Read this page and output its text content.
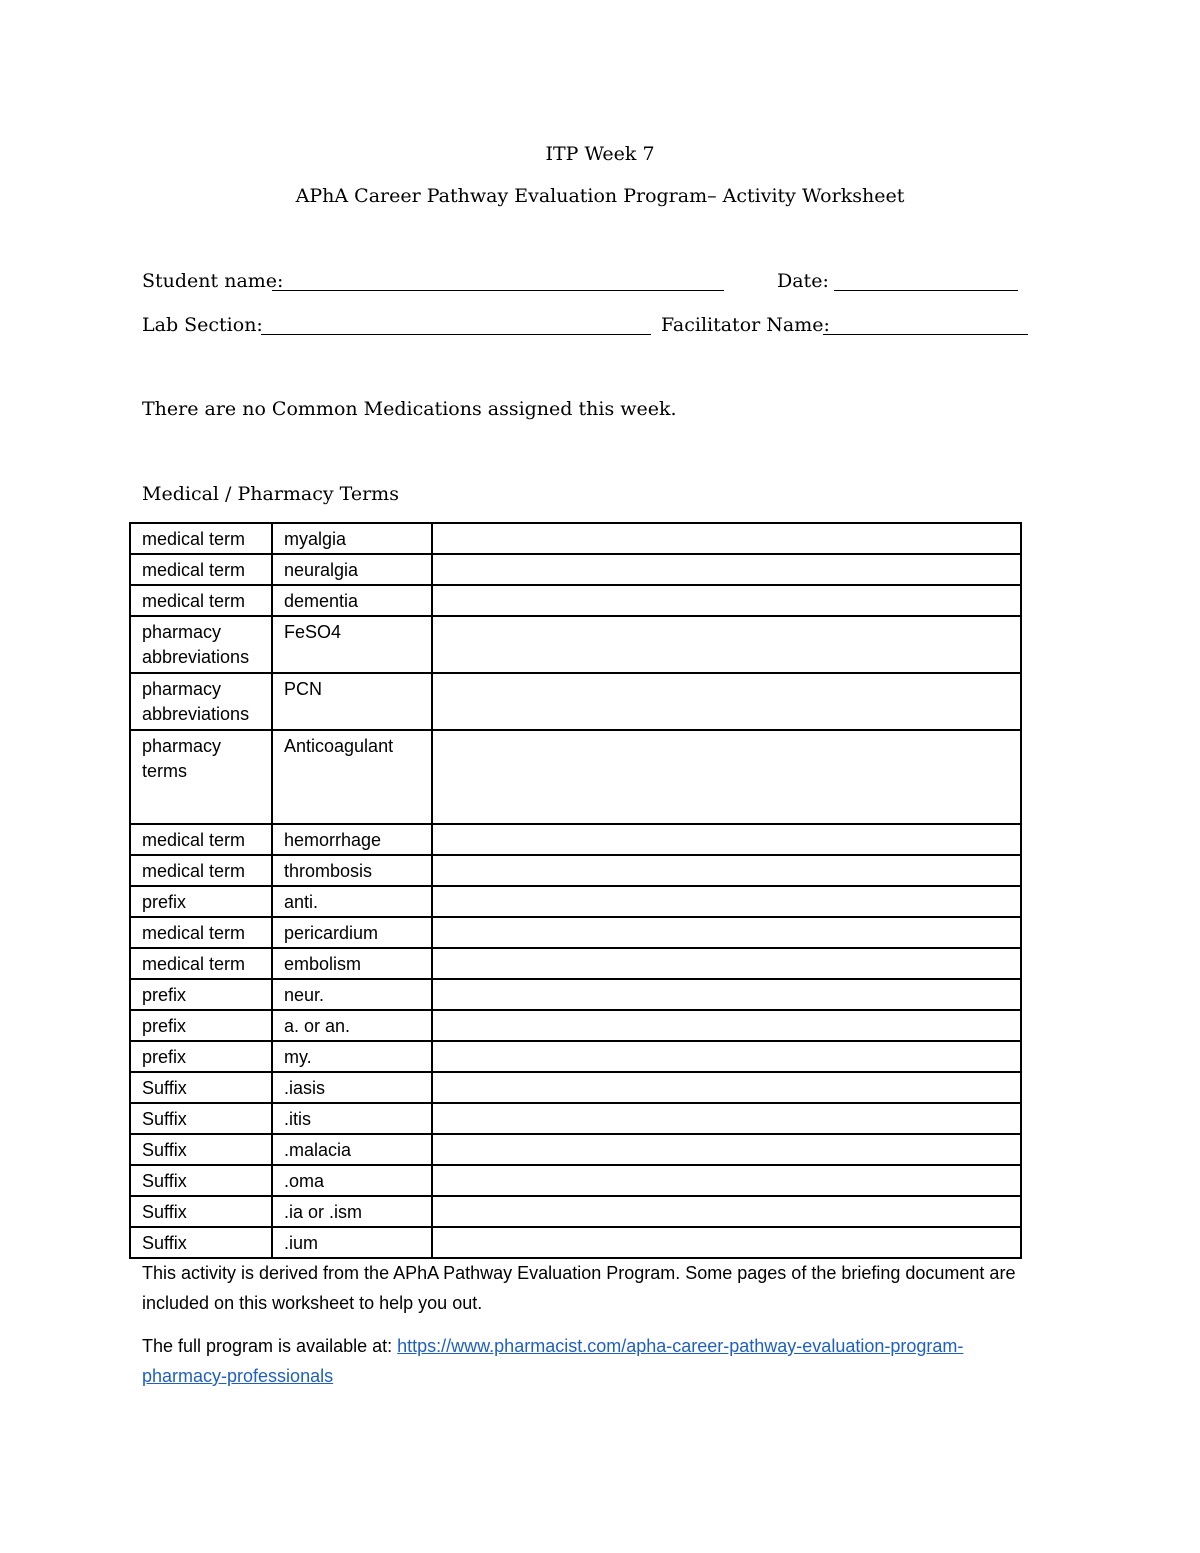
ITP Week 7
APhA Career Pathway Evaluation Program– Activity Worksheet
Student name:	Date:
Lab Section:	Facilitator Name:
There are no Common Medications assigned this week.
Medical / Pharmacy Terms
medical term	myalgia	
medical term	neuralgia	
medical term	dementia	
pharmacy abbreviations	FeSO4	
pharmacy abbreviations	PCN	
pharmacy terms	Anticoagulant	
medical term	hemorrhage	
medical term	thrombosis	
prefix	anti.	
medical term	pericardium	
medical term	embolism	
prefix	neur.	
prefix	a. or an.	
prefix	my.	
Suffix	.iasis	
Suffix	.itis	
Suffix	.malacia	
Suffix	.oma	
Suffix	.ia or .ism	
Suffix	.ium	
This activity is derived from the APhA Pathway Evaluation Program. Some pages of the briefing document are included on this worksheet to help you out.
The full program is available at: https://www.pharmacist.com/apha-career-pathway-evaluation-program-pharmacy-professionals
